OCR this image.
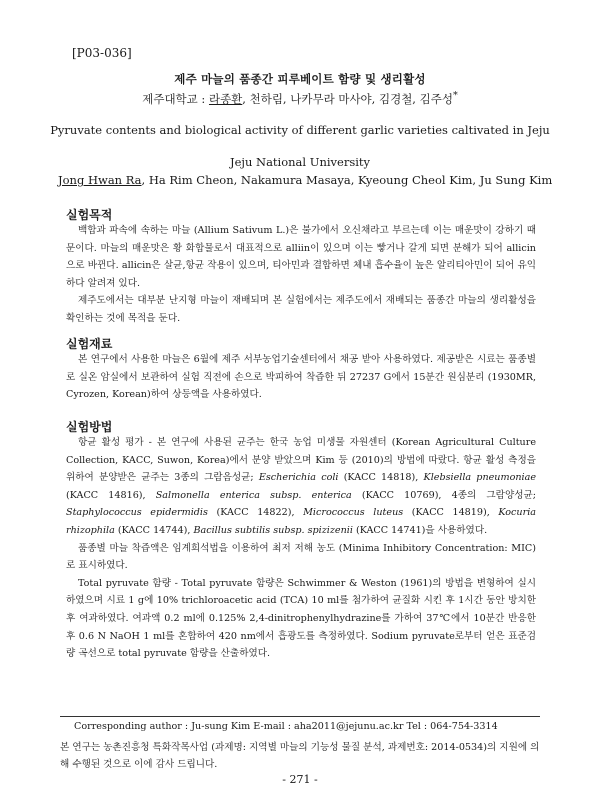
[P03-036]
제주 마늘의 품종간 피루베이트 함량 및 생리활성
제주대학교 : 라종환, 천하림, 나카무라 마사야, 김경철, 김주성*
Pyruvate contents and biological activity of different garlic varieties caltivated in Jeju
Jeju National University
Jong Hwan Ra, Ha Rim Cheon, Nakamura Masaya, Kyeoung Cheol Kim, Ju Sung Kim
실험목적

백합과 파속에 속하는 마늘 (Allium Sativum L.)은 불가에서 오신채라고 부르는데 이는 매운맛이 강하기 때문이다. 마늘의 매운맛은 황 화합물로서 대표적으로 alliin이 있으며 이는 빻거나 갈게 되면 분해가 되어 allicin으로 바뀐다. allicin은 살균,항균 작용이 있으며, 티아민과 결합하면 체내 흡수율이 높은 알리티아민이 되어 유익하다 알려져 있다.

제주도에서는 대부분 난지형 마늘이 재배되며 본 실험에서는 제주도에서 재배되는 품종간 마늘의 생리활성을 확인하는 것에 목적을 둔다.

실험재료

본 연구에서 사용한 마늘은 6월에 제주 서부농업기술센터에서 채공 받아 사용하였다. 제공받은 시료는 품종별로 실온 암실에서 보관하여 실험 직전에 손으로 박피하여 착즙한 뒤 27237 G에서 15분간 원심분리 (1930MR, Cyrozen, Korean)하여 상등액을 사용하였다.

실험방법

항균 활성 평가 - 본 연구에 사용된 균주는 한국 농업 미생물 자원센터 (Korean Agricultural Culture Collection, KACC, Suwon, Korea)에서 분양 받았으며 Kim 등 (2010)의 방법에 따랐다. 항균 활성 측정을 위하여 분양받은 균주는 3종의 그람음성균; Escherichia coli (KACC 14818), Klebsiella pneumoniae (KACC 14816), Salmonella enterica subsp. enterica (KACC 10769), 4종의 그람양성균; Staphylococcus epidermidis (KACC 14822), Micrococcus luteus (KACC 14819), Kocuria rhizophila (KACC 14744), Bacillus subtilis subsp. spizizenii (KACC 14741)을 사용하였다.

품종별 마늘 착즙액은 임계희석법을 이용하여 최저 저해 농도 (Minima Inhibitory Concentration: MIC)로 표시하였다.

Total pyruvate 함량 - Total pyruvate 함량은 Schwimmer & Weston (1961)의 방법을 변형하여 실시하였으며 시료 1 g에 10% trichloroacetic acid (TCA) 10 ml를 첨가하여 균질화 시킨 후 1시간 동안 방치한 후 여과하였다. 여과액 0.2 ml에 0.125% 2,4-dinitrophenylhydrazine를 가하여 37℃에서 10분간 반응한 후 0.6 N NaOH 1 ml를 혼합하여 420 nm에서 흡광도를 측정하였다. Sodium pyruvate로부터 얻은 표준검량 곡선으로 total pyruvate 함량을 산출하였다.

Corresponding author : Ju-sung Kim E-mail : aha2011@jejunu.ac.kr Tel : 064-754-3314

본 연구는 농촌진흥청 특화작목사업 (과제명: 지역별 마늘의 기능성 물질 분석, 과제번호: 2014-0534)의 지원에 의해 수행된 것으로 이에 감사 드립니다.

- 271 -
